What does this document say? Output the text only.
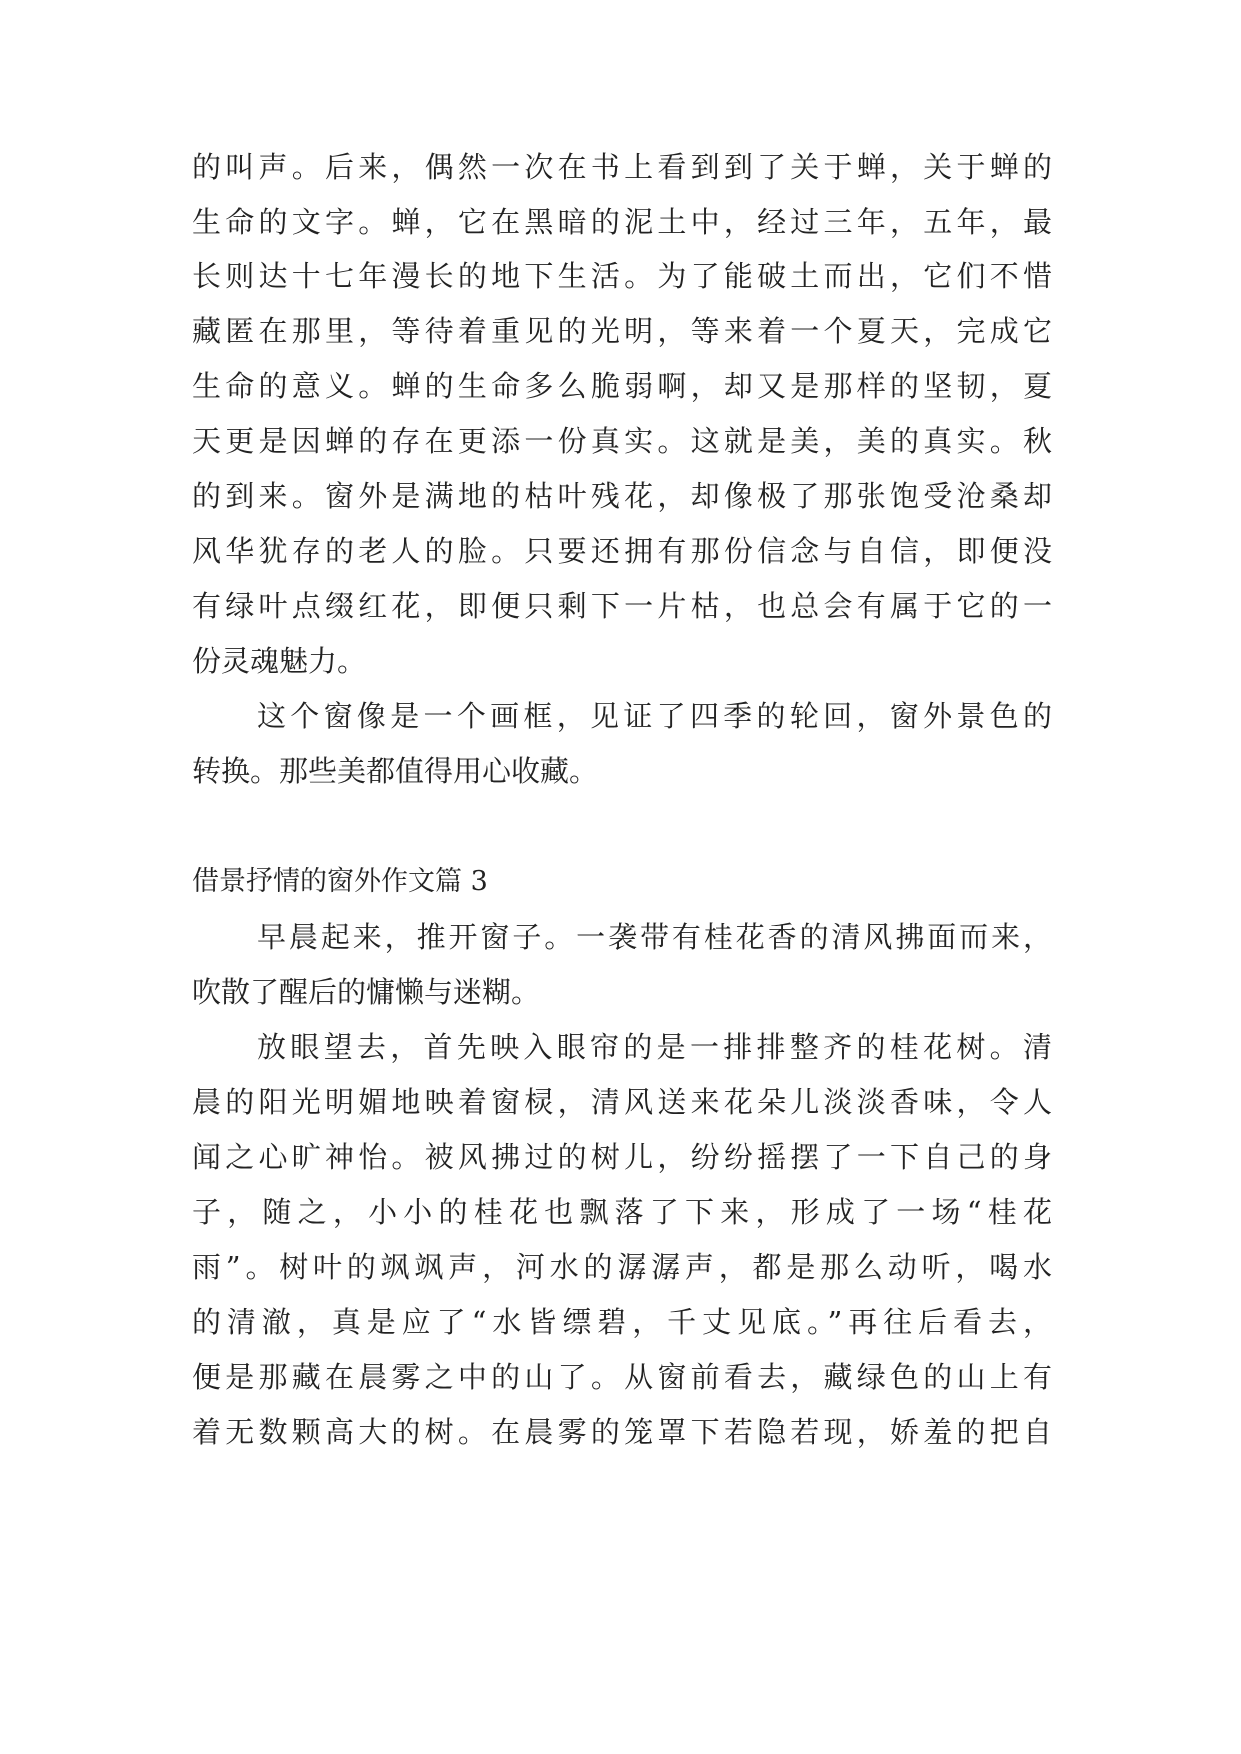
的叫声。后来，偶然一次在书上看到到了关于蝉，关于蝉的
生命的文字。蝉，它在黑暗的泥土中，经过三年，五年，最
长则达十七年漫长的地下生活。为了能破土而出，它们不惜
藏匿在那里，等待着重见的光明，等来着一个夏天，完成它
生命的意义。蝉的生命多么脆弱啊，却又是那样的坚韧，夏
天更是因蝉的存在更添一份真实。这就是美，美的真实。秋
的到来。窗外是满地的枯叶残花，却像极了那张饱受沧桑却
风华犹存的老人的脸。只要还拥有那份信念与自信，即便没
有绿叶点缀红花，即便只剩下一片枯，也总会有属于它的一
份灵魂魅力。
这个窗像是一个画框，见证了四季的轮回，窗外景色的
转换。那些美都值得用心收藏。
借景抒情的窗外作文篇 3
早晨起来，推开窗子。一袭带有桂花香的清风拂面而来，
吹散了醒后的慵懒与迷糊。
放眼望去，首先映入眼帘的是一排排整齐的桂花树。清
晨的阳光明媚地映着窗棂，清风送来花朵儿淡淡香味，令人
闻之心旷神怡。被风拂过的树儿，纷纷摇摆了一下自己的身
子，随之，小小的桂花也飘落了下来，形成了一场“桂花
雨”。树叶的飒飒声，河水的潺潺声，都是那么动听，喝水
的清澈，真是应了“水皆缥碧，千丈见底。”再往后看去，
便是那藏在晨雾之中的山了。从窗前看去，藏绿色的山上有
着无数颗高大的树。在晨雾的笼罩下若隐若现，娇羞的把自
